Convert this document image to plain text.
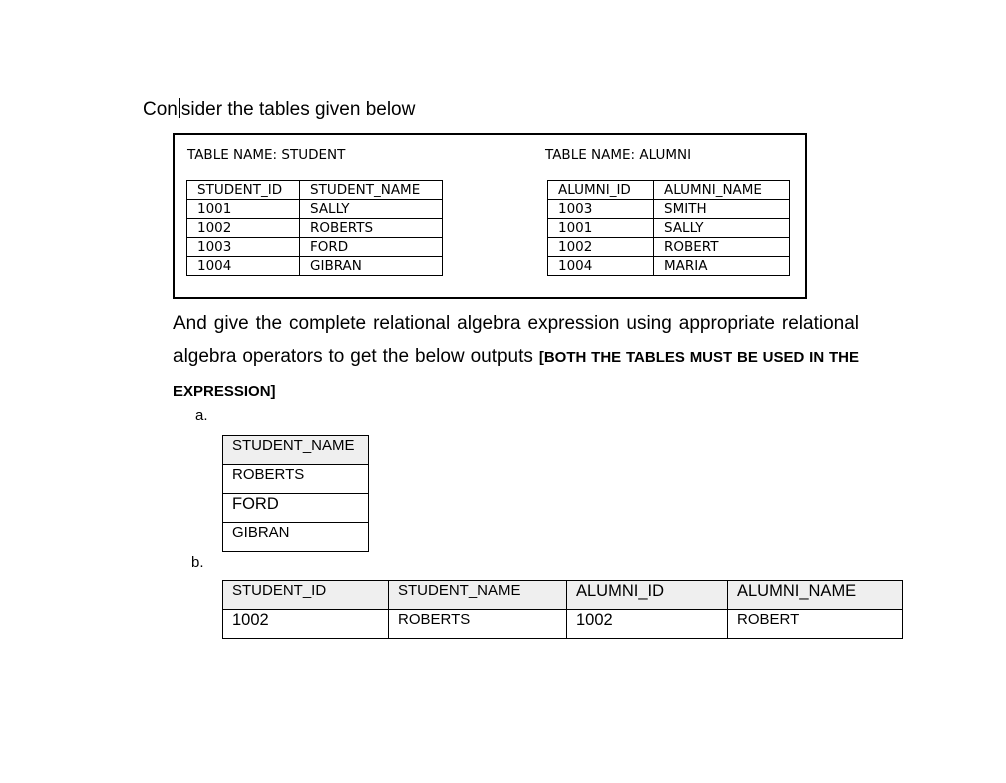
Con sider the tables given below
TABLE NAME: STUDENT	TABLE NAME: ALUMNI
STUDENT_ID	STUDENT_NAME
1001	SALLY
1002	ROBERTS
1003	FORD
1004	GIBRAN
ALUMNI_ID	ALUMNI_NAME
1003	SMITH
1001	SALLY
1002	ROBERT
1004	MARIA
And give the complete relational algebra expression using appropriate relational algebra operators to get the below outputs [BOTH THE TABLES MUST BE USED IN THE EXPRESSION]
a.
STUDENT_NAME
ROBERTS
FORD
GIBRAN
b.
STUDENT_ID	STUDENT_NAME	ALUMNI_ID	ALUMNI_NAME
1002	ROBERTS	1002	ROBERT
